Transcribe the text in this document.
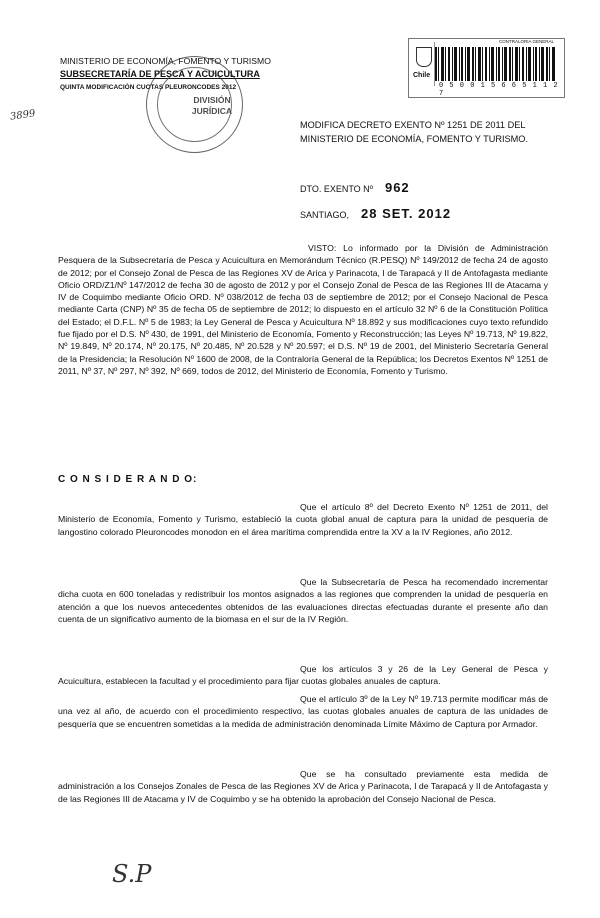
MINISTERIO DE ECONOMÍA, FOMENTO Y TURISMO
SUBSECRETARÍA DE PESCA Y ACUICULTURA
QUINTA MODIFICACIÓN CUOTAS PLEURONCODES 2012
DIVISIÓN
JURÍDICA
3899
Chile
CONTRALORIA GENERAL
0 5 0 0 1 5 6 6 5 1 1 2 7
MODIFICA DECRETO EXENTO Nº 1251 DE 2011 DEL MINISTERIO DE ECONOMÍA, FOMENTO Y TURISMO.
DTO. EXENTO Nº 962
SANTIAGO, 28 SET. 2012
VISTO: Lo informado por la División de Administración Pesquera de la Subsecretaría de Pesca y Acuicultura en Memorándum Técnico (R.PESQ) Nº 149/2012 de fecha 24 de agosto de 2012; por el Consejo Zonal de Pesca de las Regiones XV de Arica y Parinacota, I de Tarapacá y II de Antofagasta mediante Oficio ORD/Z1/Nº 147/2012 de fecha 30 de agosto de 2012 y por el Consejo Zonal de Pesca de las Regiones III de Atacama y IV de Coquimbo mediante Oficio ORD. Nº 038/2012 de fecha 03 de septiembre de 2012; por el Consejo Nacional de Pesca mediante Carta (CNP) Nº 35 de fecha 05 de septiembre de 2012; lo dispuesto en el artículo 32 Nº 6 de la Constitución Política del Estado; el D.F.L. Nº 5 de 1983; la Ley General de Pesca y Acuicultura Nº 18.892 y sus modificaciones cuyo texto refundido fue fijado por el D.S. Nº 430, de 1991, del Ministerio de Economía, Fomento y Reconstrucción; las Leyes Nº 19.713, Nº 19.822, Nº 19.849, Nº 20.174, Nº 20.175, Nº 20.485, Nº 20.528 y Nº 20.597; el D.S. Nº 19 de 2001, del Ministerio Secretaría General de la Presidencia; la Resolución Nº 1600 de 2008, de la Contraloría General de la República; los Decretos Exentos Nº 1251 de 2011, Nº 37, Nº 297, Nº 392, Nº 669, todos de 2012, del Ministerio de Economía, Fomento y Turismo.
C O N S I D E R A N D O:
Que el artículo 8º del Decreto Exento Nº 1251 de 2011, del Ministerio de Economía, Fomento y Turismo, estableció la cuota global anual de captura para la unidad de pesquería de langostino colorado Pleuroncodes monodon en el área marítima comprendida entre la XV a la IV Regiones, año 2012.
Que la Subsecretaría de Pesca ha recomendado incrementar dicha cuota en 600 toneladas y redistribuir los montos asignados a las regiones que comprenden la unidad de pesquería en atención a que los nuevos antecedentes obtenidos de las evaluaciones directas efectuadas durante el presente año dan cuenta de un significativo aumento de la biomasa en el sur de la IV Región.
Que los artículos 3 y 26 de la Ley General de Pesca y Acuicultura, establecen la facultad y el procedimiento para fijar cuotas globales anuales de captura.
Que el artículo 3º de la Ley Nº 19.713 permite modificar más de una vez al año, de acuerdo con el procedimiento respectivo, las cuotas globales anuales de captura de las unidades de pesquería que se encuentren sometidas a la medida de administración denominada Límite Máximo de Captura por Armador.
Que se ha consultado previamente esta medida de administración a los Consejos Zonales de Pesca de las Regiones XV de Arica y Parinacota, I de Tarapacá y II de Antofagasta y de las Regiones III de Atacama y IV de Coquimbo y se ha obtenido la aprobación del Consejo Nacional de Pesca.
S.P
